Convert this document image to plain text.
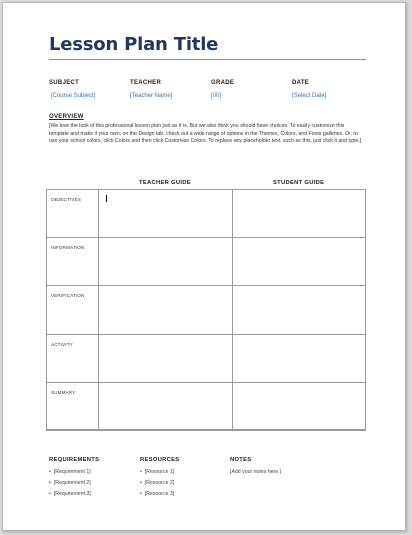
Lesson Plan Title
SUBJECT
[Course Subject]
TEACHER
[Teacher Name]
GRADE
[00]
DATE
[Select Date]
OVERVIEW
[We love the look of this professional lesson plan just as it is. But we also think you should have choices. To easily customize this template and make it your own, on the Design tab, check out a wide range of options in the Themes, Colors, and Fonts galleries. Or, to use your school colors, click Colors and then click Customize Colors. To replace any placeholder text, such as this, just click it and type.]
TEACHER GUIDE	STUDENT GUIDE
OBJECTIVES
INFORMATION
VERIFICATION
ACTIVITY
SUMMARY
REQUIREMENTS
• [Requirement 1]
• [Requirement 2]
• [Requirement 3]
RESOURCES
• [Resource 1]
• [Resource 2]
• [Resource 3]
NOTES
[Add your notes here.]
